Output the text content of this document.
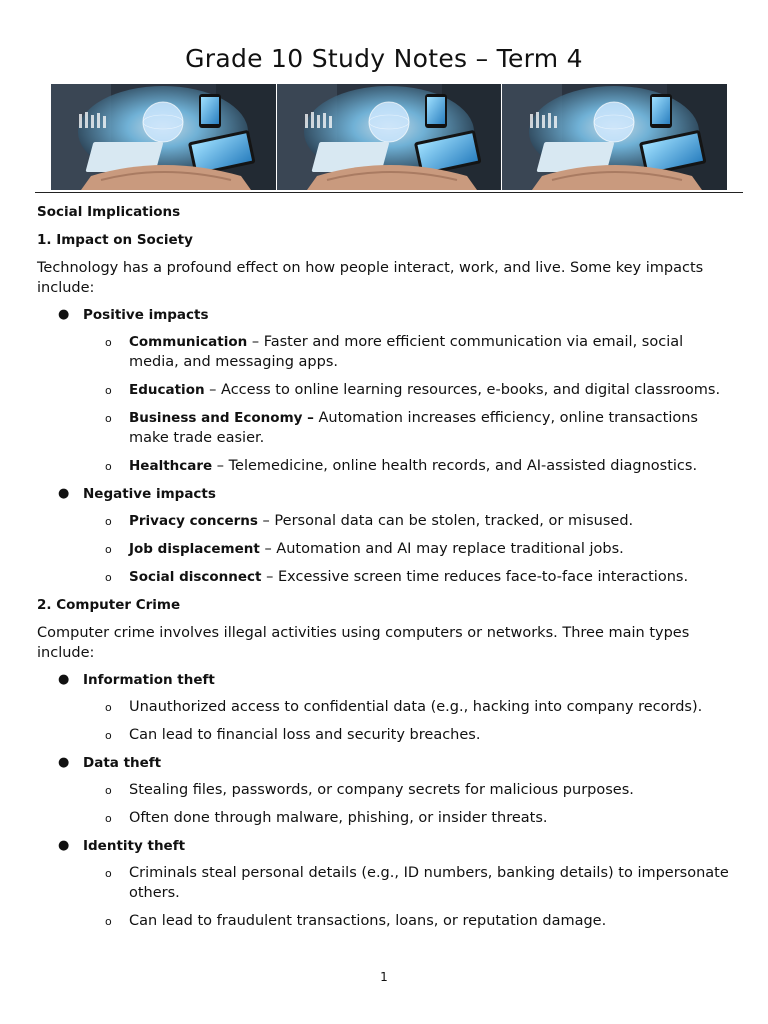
Grade 10 Study Notes – Term 4
Social Implications
1. Impact on Society
Technology has a profound effect on how people interact, work, and live. Some key impacts include:
● Positive impacts
o Communication – Faster and more efficient communication via email, social media, and messaging apps.
o Education – Access to online learning resources, e-books, and digital classrooms.
o Business and Economy – Automation increases efficiency, online transactions make trade easier.
o Healthcare – Telemedicine, online health records, and AI-assisted diagnostics.
● Negative impacts
o Privacy concerns – Personal data can be stolen, tracked, or misused.
o Job displacement – Automation and AI may replace traditional jobs.
o Social disconnect – Excessive screen time reduces face-to-face interactions.
2. Computer Crime
Computer crime involves illegal activities using computers or networks. Three main types include:
● Information theft
o Unauthorized access to confidential data (e.g., hacking into company records).
o Can lead to financial loss and security breaches.
● Data theft
o Stealing files, passwords, or company secrets for malicious purposes.
o Often done through malware, phishing, or insider threats.
● Identity theft
o Criminals steal personal details (e.g., ID numbers, banking details) to impersonate others.
o Can lead to fraudulent transactions, loans, or reputation damage.
1
